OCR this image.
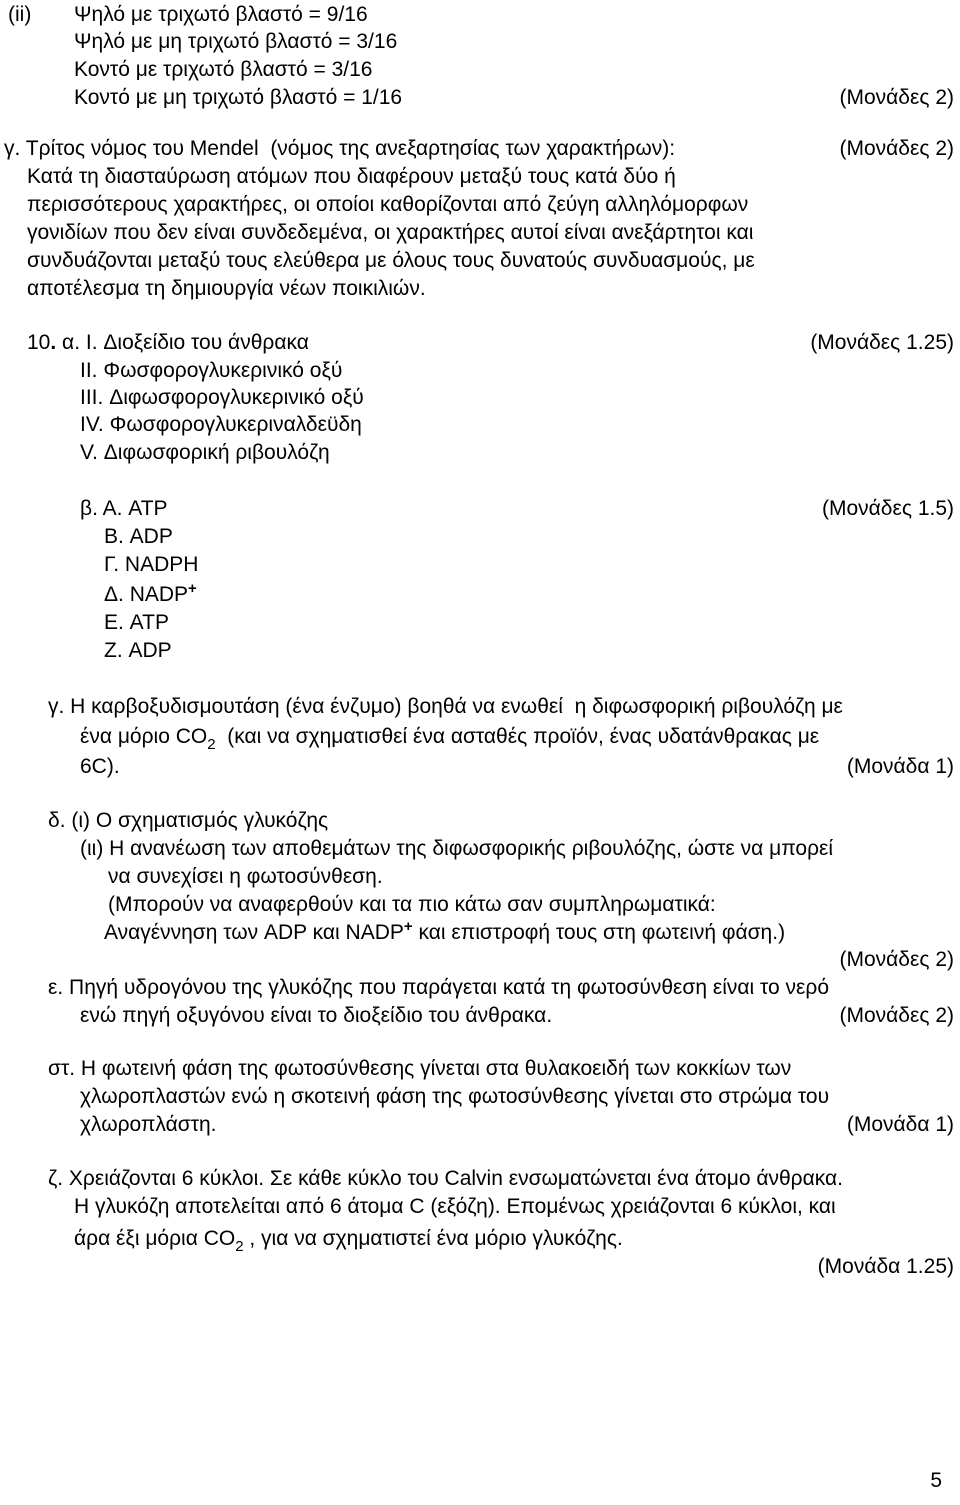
(ii) Ψηλό με τριχωτό βλαστό = 9/16
Ψηλό με μη τριχωτό βλαστό = 3/16
Κοντό με τριχωτό βλαστό = 3/16
Κοντό με μη τριχωτό βλαστό = 1/16	(Μονάδες 2)
γ. Τρίτος νόμος του Mendel  (νόμος της ανεξαρτησίας των χαρακτήρων):	(Μονάδες 2)
Κατά τη διασταύρωση ατόμων που διαφέρουν μεταξύ τους κατά δύο ή
περισσότερους χαρακτήρες, οι οποίοι καθορίζονται από ζεύγη αλληλόμορφων
γονιδίων που δεν είναι συνδεδεμένα, οι χαρακτήρες αυτοί είναι ανεξάρτητοι και
συνδυάζονται μεταξύ τους ελεύθερα με όλους τους δυνατούς συνδυασμούς, με
αποτέλεσμα τη δημιουργία νέων ποικιλιών.
10. α. I. Διοξείδιο του άνθρακα	(Μονάδες 1.25)
II. Φωσφορογλυκερινικό οξύ
III. Διφωσφορογλυκερινικό οξύ
IV. Φωσφορογλυκεριναλδεϋδη
V. Διφωσφορική ριβουλόζη
β. Α. ATP	(Μονάδες 1.5)
Β. ADP
Γ. NADPH
Δ. NADP+
Ε. ATP
Ζ. ADP
γ. Η καρβοξυδισμουτάση (ένα ένζυμο) βοηθά να ενωθεί  η διφωσφορική ριβουλόζη με
ένα μόριο $CO_2$  (και να σχηματισθεί ένα ασταθές προϊόν, ένας υδατάνθρακας με
6C).	(Μονάδα 1)
δ. (ι) Ο σχηματισμός γλυκόζης
(ιι) Η ανανέωση των αποθεμάτων της διφωσφορικής ριβουλόζης, ώστε να μπορεί
να συνεχίσει η φωτοσύνθεση.
(Μπορούν να αναφερθούν και τα πιο κάτω σαν συμπληρωματικά:
Αναγέννηση των ADP και NADP+ και επιστροφή τους στη φωτεινή φάση.)
(Μονάδες 2)
ε. Πηγή υδρογόνου της γλυκόζης που παράγεται κατά τη φωτοσύνθεση είναι το νερό
ενώ πηγή οξυγόνου είναι το διοξείδιο του άνθρακα.	(Μονάδες 2)
στ. Η φωτεινή φάση της φωτοσύνθεσης γίνεται στα θυλακοειδή των κοκκίων των
χλωροπλαστών ενώ η σκοτεινή φάση της φωτοσύνθεσης γίνεται στο στρώμα του
χλωροπλάστη.	(Μονάδα 1)
ζ. Χρειάζονται 6 κύκλοι. Σε κάθε κύκλο του Calvin ενσωματώνεται ένα άτομο άνθρακα.
Η γλυκόζη αποτελείται από 6 άτομα C (εξόζη). Επομένως χρειάζονται 6 κύκλοι, και
άρα έξι μόρια $CO_2$ , για να σχηματιστεί ένα μόριο γλυκόζης.
(Μονάδα 1.25)
5
